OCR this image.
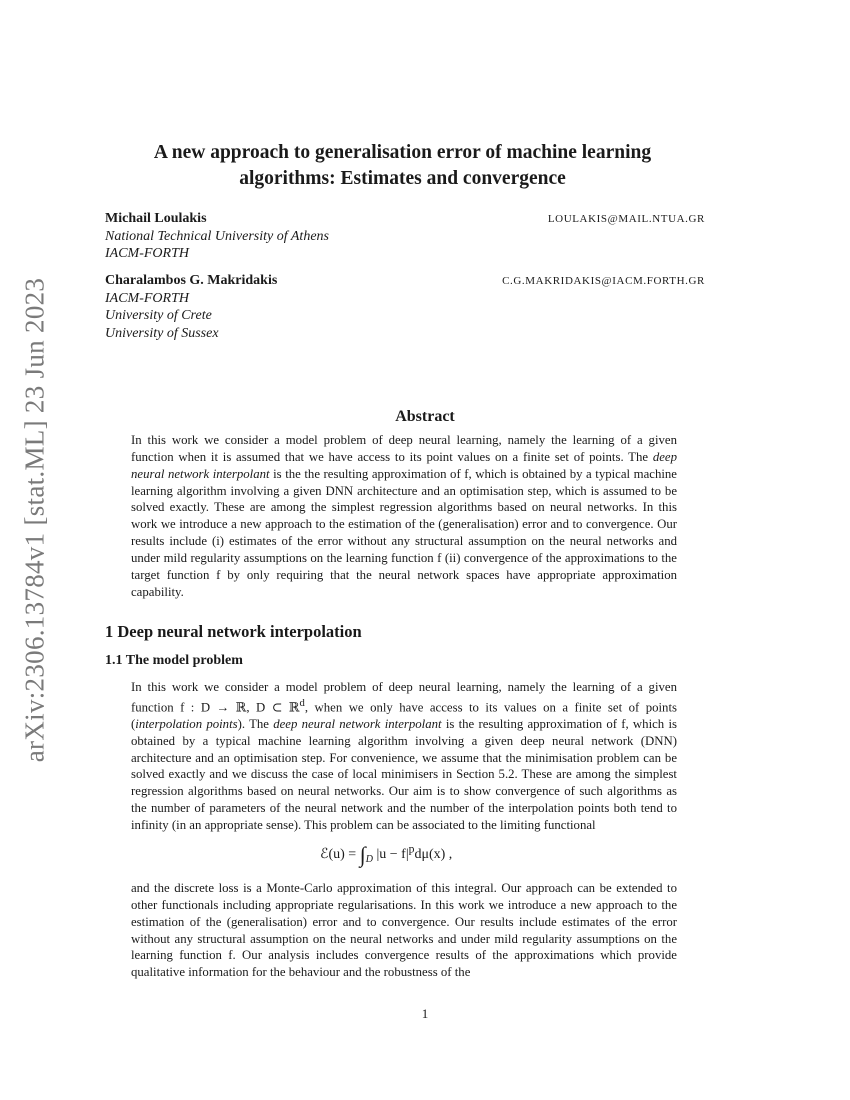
arXiv:2306.13784v1 [stat.ML] 23 Jun 2023
A new approach to generalisation error of machine learning
algorithms: Estimates and convergence
Michail Loulakis	LOULAKIS@MAIL.NTUA.GR
National Technical University of Athens
IACM-FORTH
Charalambos G. Makridakis	C.G.MAKRIDAKIS@IACM.FORTH.GR
IACM-FORTH
University of Crete
University of Sussex
Abstract

In this work we consider a model problem of deep neural learning, namely the learning of a given function when it is assumed that we have access to its point values on a finite set of points. The deep neural network interpolant is the the resulting approximation of f, which is obtained by a typical machine learning algorithm involving a given DNN architecture and an optimisation step, which is assumed to be solved exactly. These are among the simplest regression algorithms based on neural networks. In this work we introduce a new approach to the estimation of the (generalisation) error and to convergence. Our results include (i) estimates of the error without any structural assumption on the neural networks and under mild regularity assumptions on the learning function f (ii) convergence of the approximations to the target function f by only requiring that the neural network spaces have appropriate approximation capability.

1 Deep neural network interpolation
1.1 The model problem

In this work we consider a model problem of deep neural learning, namely the learning of a given function f : D → ℝ, D ⊂ ℝ$^d$, when we only have access to its values on a finite set of points (interpolation points). The deep neural network interpolant is the resulting approximation of f, which is obtained by a typical machine learning algorithm involving a given deep neural network (DNN) architecture and an optimisation step. For convenience, we assume that the minimisation problem can be solved exactly and we discuss the case of local minimisers in Section 5.2. These are among the simplest regression algorithms based on neural networks. Our aim is to show convergence of such algorithms as the number of parameters of the neural network and the number of the interpolation points both tend to infinity (in an appropriate sense). This problem can be associated to the limiting functional

ℰ(u) = $\int_D$ $|u - f|^pd\mu(x)$ ,

and the discrete loss is a Monte-Carlo approximation of this integral. Our approach can be extended to other functionals including appropriate regularisations. In this work we introduce a new approach to the estimation of the (generalisation) error and to convergence. Our results include estimates of the error without any structural assumption on the neural networks and under mild regularity assumptions on the learning function f. Our analysis includes convergence results of the approximations which provide qualitative information for the behaviour and the robustness of the

1
